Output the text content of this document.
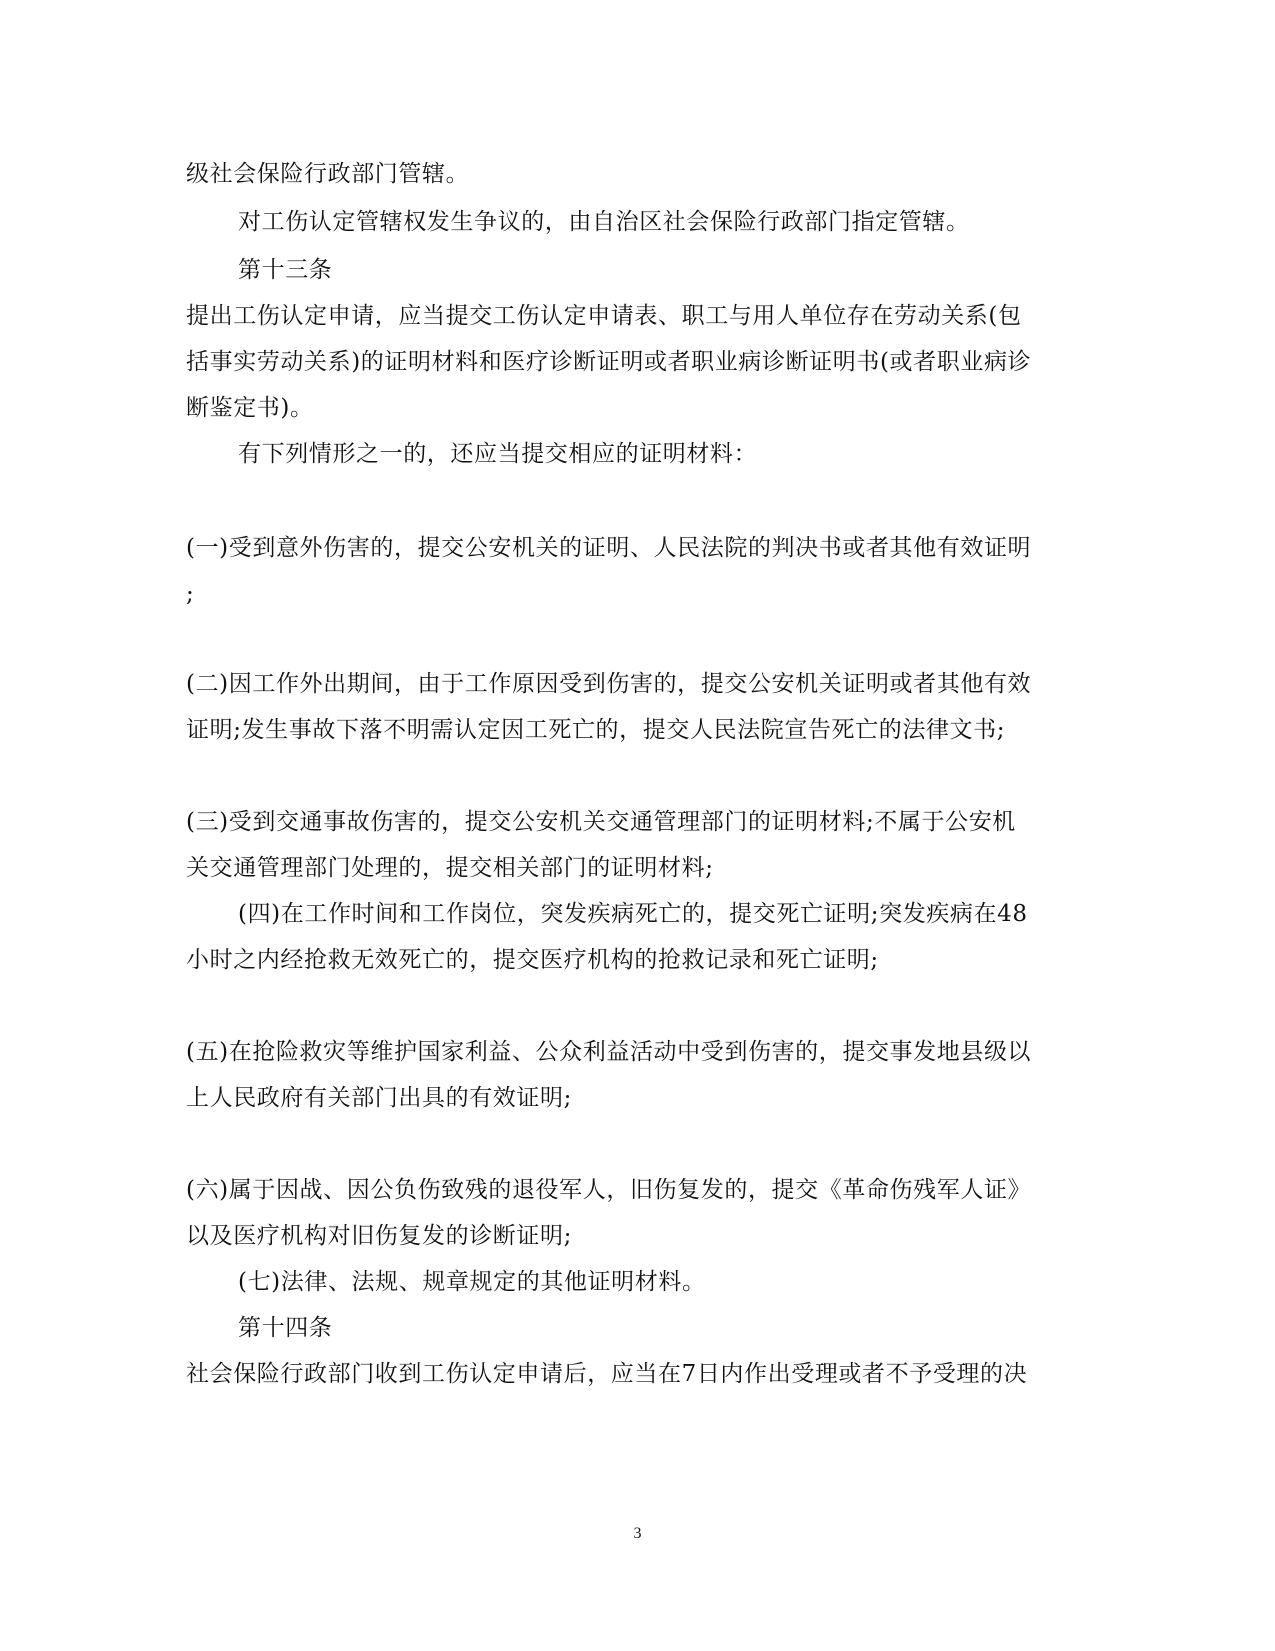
级社会保险行政部门管辖。
对工伤认定管辖权发生争议的，由自治区社会保险行政部门指定管辖。
第十三条
提出工伤认定申请，应当提交工伤认定申请表、职工与用人单位存在劳动关系(包
括事实劳动关系)的证明材料和医疗诊断证明或者职业病诊断证明书(或者职业病诊
断鉴定书)。
有下列情形之一的，还应当提交相应的证明材料：
(一)受到意外伤害的，提交公安机关的证明、人民法院的判决书或者其他有效证明
;
(二)因工作外出期间，由于工作原因受到伤害的，提交公安机关证明或者其他有效
证明;发生事故下落不明需认定因工死亡的，提交人民法院宣告死亡的法律文书;
(三)受到交通事故伤害的，提交公安机关交通管理部门的证明材料;不属于公安机
关交通管理部门处理的，提交相关部门的证明材料;
(四)在工作时间和工作岗位，突发疾病死亡的，提交死亡证明;突发疾病在48
小时之内经抢救无效死亡的，提交医疗机构的抢救记录和死亡证明;
(五)在抢险救灾等维护国家利益、公众利益活动中受到伤害的，提交事发地县级以
上人民政府有关部门出具的有效证明;
(六)属于因战、因公负伤致残的退役军人，旧伤复发的，提交《革命伤残军人证》
以及医疗机构对旧伤复发的诊断证明;
(七)法律、法规、规章规定的其他证明材料。
第十四条
社会保险行政部门收到工伤认定申请后，应当在7日内作出受理或者不予受理的决
3
